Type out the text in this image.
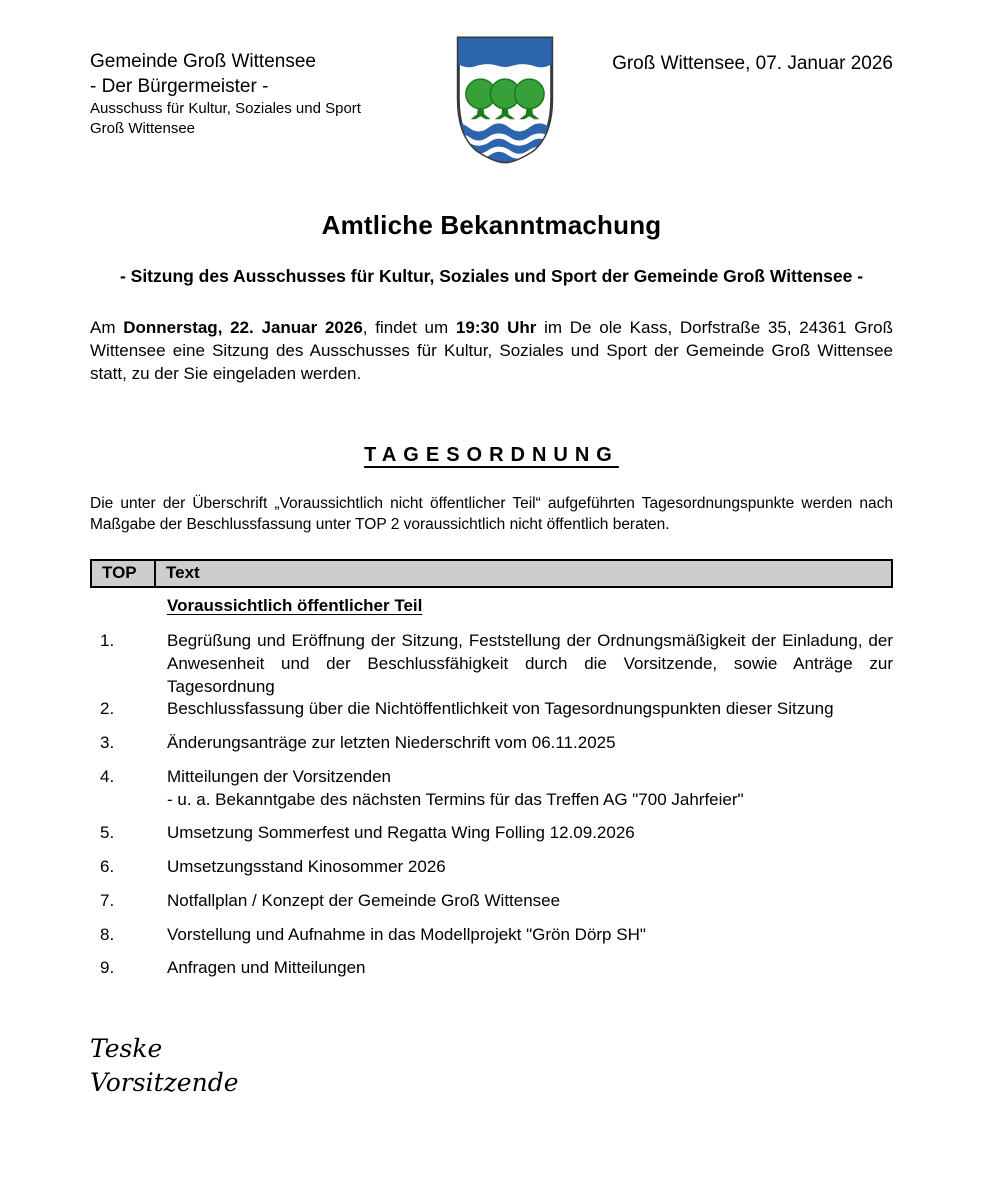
Gemeinde Groß Wittensee
- Der Bürgermeister -
Ausschuss für Kultur, Soziales und Sport
Groß Wittensee
Groß Wittensee, 07. Januar 2026
Amtliche Bekanntmachung
- Sitzung des Ausschusses für Kultur, Soziales und Sport der Gemeinde Groß Wittensee -

Am Donnerstag, 22. Januar 2026, findet um 19:30 Uhr im De ole Kass, Dorfstraße 35, 24361 Groß Wittensee eine Sitzung des Ausschusses für Kultur, Soziales und Sport der Gemeinde Groß Wittensee statt, zu der Sie eingeladen werden.

TAGESORDNUNG

Die unter der Überschrift „Voraussichtlich nicht öffentlicher Teil“ aufgeführten Tagesordnungspunkte werden nach Maßgabe der Beschlussfassung unter TOP 2 voraussichtlich nicht öffentlich beraten.

TOP	Text
Voraussichtlich öffentlicher Teil
1.	Begrüßung und Eröffnung der Sitzung, Feststellung der Ordnungsmäßigkeit der Einladung, der Anwesenheit und der Beschlussfähigkeit durch die Vorsitzende, sowie Anträge zur Tagesordnung
2.	Beschlussfassung über die Nichtöffentlichkeit von Tagesordnungspunkten dieser Sitzung
3.	Änderungsanträge zur letzten Niederschrift vom 06.11.2025
4.	Mitteilungen der Vorsitzenden
- u. a. Bekanntgabe des nächsten Termins für das Treffen AG "700 Jahrfeier"
5.	Umsetzung Sommerfest und Regatta Wing Folling 12.09.2026
6.	Umsetzungsstand Kinosommer 2026
7.	Notfallplan / Konzept der Gemeinde Groß Wittensee
8.	Vorstellung und Aufnahme in das Modellprojekt "Grön Dörp SH"
9.	Anfragen und Mitteilungen
Teske
Vorsitzende
